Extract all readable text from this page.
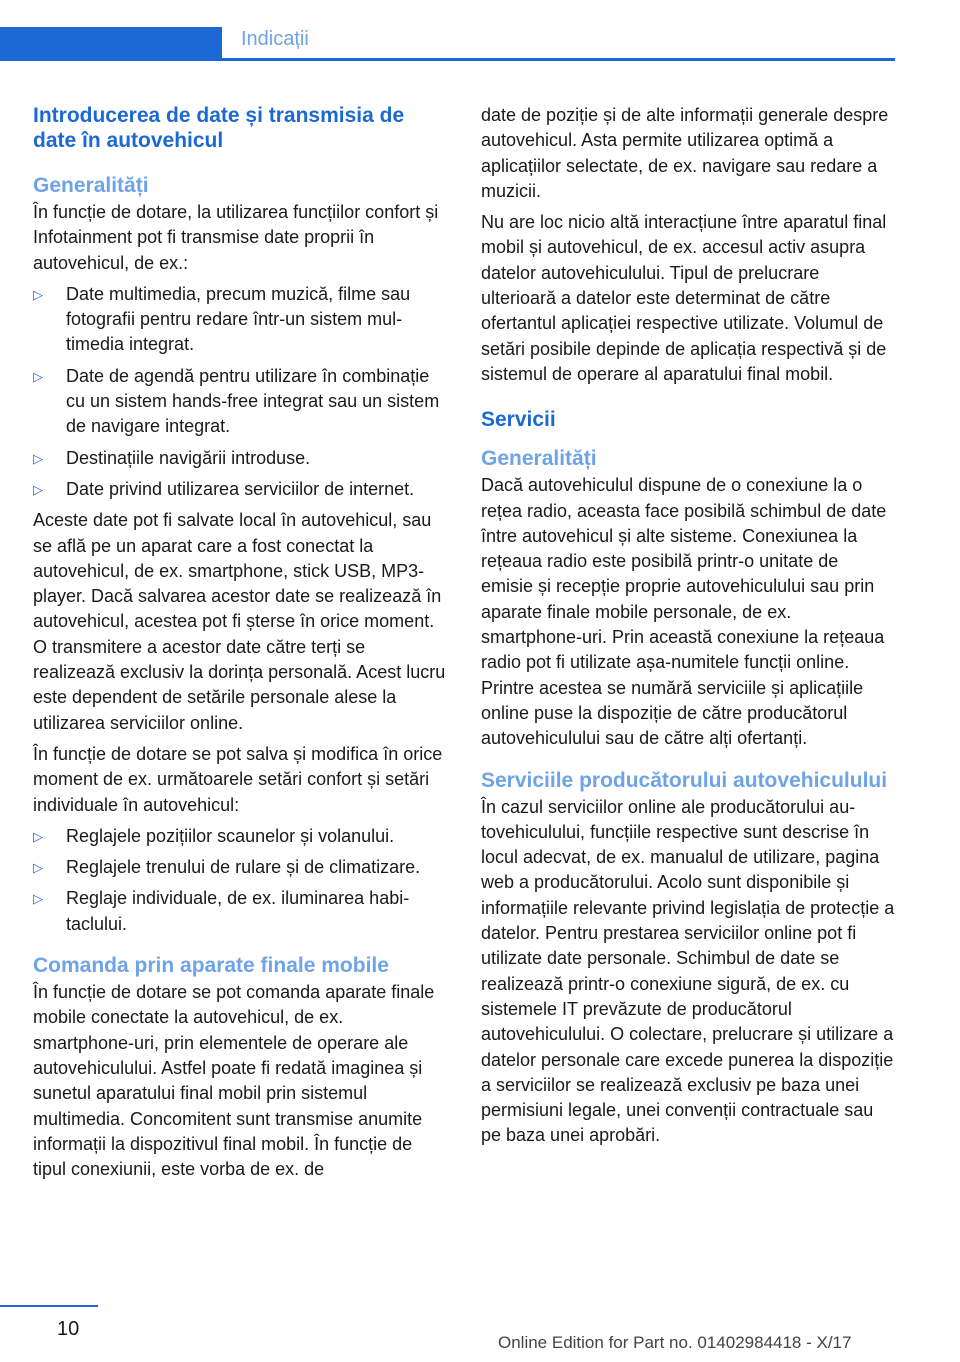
Indicații
Introducerea de date și transmisia de date în autovehicul
Generalități

În funcție de dotare, la utilizarea funcțiilor confort și Infotainment pot fi transmise date proprii în autovehicul, de ex.:

▷ Date multimedia, precum muzică, filme sau fotografii pentru redare într-un sistem multimedia integrat.
▷ Date de agendă pentru utilizare în combinație cu un sistem hands-free integrat sau un sistem de navigare integrat.
▷ Destinațiile navigării introduse.
▷ Date privind utilizarea serviciilor de internet.

Aceste date pot fi salvate local în autovehicul, sau se află pe un aparat care a fost conectat la autovehicul, de ex. smartphone, stick USB, MP3-player. Dacă salvarea acestor date se realizează în autovehicul, acestea pot fi șterse în orice moment. O transmitere a acestor date către terți se realizează exclusiv la dorința personală. Acest lucru este dependent de setările personale alese la utilizarea serviciilor online.

În funcție de dotare se pot salva și modifica în orice moment de ex. următoarele setări confort și setări individuale în autovehicul:

▷ Reglajele pozițiilor scaunelor și volanului.
▷ Reglajele trenului de rulare și de climatizare.
▷ Reglaje individuale, de ex. iluminarea habitaclului.
Comanda prin aparate finale mobile

În funcție de dotare se pot comanda aparate finale mobile conectate la autovehicul, de ex. smartphone-uri, prin elementele de operare ale autovehiculului. Astfel poate fi redată imaginea și sunetul aparatului final mobil prin sistemul multimedia. Concomitent sunt transmise anumite informații la dispozitivul final mobil. În funcție de tipul conexiunii, este vorba de ex. de

date de poziție și de alte informații generale despre autovehicul. Asta permite utilizarea optimă a aplicațiilor selectate, de ex. navigare sau redare a muzicii.

Nu are loc nicio altă interacțiune între aparatul final mobil și autovehicul, de ex. accesul activ asupra datelor autovehiculului. Tipul de prelucrare ulterioară a datelor este determinat de către ofertantul aplicației respective utilizate. Volumul de setări posibile depinde de aplicația respectivă și de sistemul de operare al aparatului final mobil.

Servicii
Generalități

Dacă autovehiculul dispune de o conexiune la o rețea radio, aceasta face posibilă schimbul de date între autovehicul și alte sisteme. Conexiunea la rețeaua radio este posibilă printr-o unitate de emisie și recepție proprie autovehiculului sau prin aparate finale mobile personale, de ex. smartphone-uri. Prin această conexiune la rețeaua radio pot fi utilizate așa-numitele funcții online. Printre acestea se numără serviciile și aplicațiile online puse la dispoziție de către producătorul autovehiculului sau de către alți ofertanți.

Serviciile producătorului autovehiculului

În cazul serviciilor online ale producătorului autovehiculului, funcțiile respective sunt descrise în locul adecvat, de ex. manualul de utilizare, pagina web a producătorului. Acolo sunt disponibile și informațiile relevante privind legislația de protecție a datelor. Pentru prestarea serviciilor online pot fi utilizate date personale. Schimbul de date se realizează printr-o conexiune sigură, de ex. cu sistemele IT prevăzute de producătorul autovehiculului. O colectare, prelucrare și utilizare a datelor personale care excede punerea la dispoziție a serviciilor se realizează exclusiv pe baza unei permisiuni legale, unei convenții contractuale sau pe baza unei aprobări.

10
Online Edition for Part no. 01402984418 - X/17
